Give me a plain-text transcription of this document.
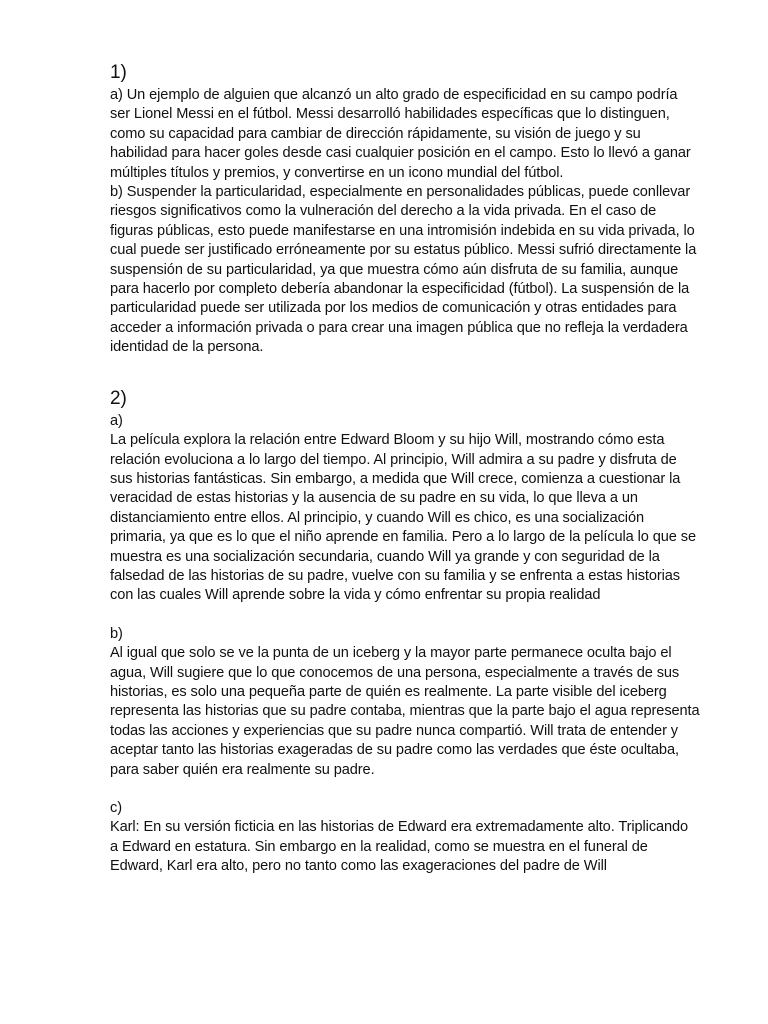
1)

a) Un ejemplo de alguien que alcanzó un alto grado de especificidad en su campo podría ser Lionel Messi en el fútbol. Messi desarrolló habilidades específicas que lo distinguen, como su capacidad para cambiar de dirección rápidamente, su visión de juego y su habilidad para hacer goles desde casi cualquier posición en el campo. Esto lo llevó a ganar múltiples títulos y premios, y convertirse en un icono mundial del fútbol.

b) Suspender la particularidad, especialmente en personalidades públicas, puede conllevar riesgos significativos como la vulneración del derecho a la vida privada. En el caso de figuras públicas, esto puede manifestarse en una intromisión indebida en su vida privada, lo cual puede ser justificado erróneamente por su estatus público. Messi sufrió directamente la suspensión de su particularidad, ya que muestra cómo aún disfruta de su familia, aunque para hacerlo por completo debería abandonar la especificidad (fútbol). La suspensión de la particularidad puede ser utilizada por los medios de comunicación y otras entidades para acceder a información privada o para crear una imagen pública que no refleja la verdadera identidad de la persona.

2)

a)

La película explora la relación entre Edward Bloom y su hijo Will, mostrando cómo esta relación evoluciona a lo largo del tiempo. Al principio, Will admira a su padre y disfruta de sus historias fantásticas. Sin embargo, a medida que Will crece, comienza a cuestionar la veracidad de estas historias y la ausencia de su padre en su vida, lo que lleva a un distanciamiento entre ellos. Al principio, y cuando Will es chico, es una socialización primaria, ya que es lo que el niño aprende en familia. Pero a lo largo de la película lo que se muestra es una socialización secundaria, cuando Will ya grande y con seguridad de la falsedad de las historias de su padre, vuelve con su familia y se enfrenta a estas historias con las cuales Will aprende sobre la vida y cómo enfrentar su propia realidad

b)

Al igual que solo se ve la punta de un iceberg y la mayor parte permanece oculta bajo el agua, Will sugiere que lo que conocemos de una persona, especialmente a través de sus historias, es solo una pequeña parte de quién es realmente. La parte visible del iceberg representa las historias que su padre contaba, mientras que la parte bajo el agua representa todas las acciones y experiencias que su padre nunca compartió. Will trata de entender y aceptar tanto las historias exageradas de su padre como las verdades que éste ocultaba, para saber quién era realmente su padre.

c)

Karl: En su versión ficticia en las historias de Edward era extremadamente alto. Triplicando a Edward en estatura. Sin embargo en la realidad, como se muestra en el funeral de Edward, Karl era alto, pero no tanto como las exageraciones del padre de Will
